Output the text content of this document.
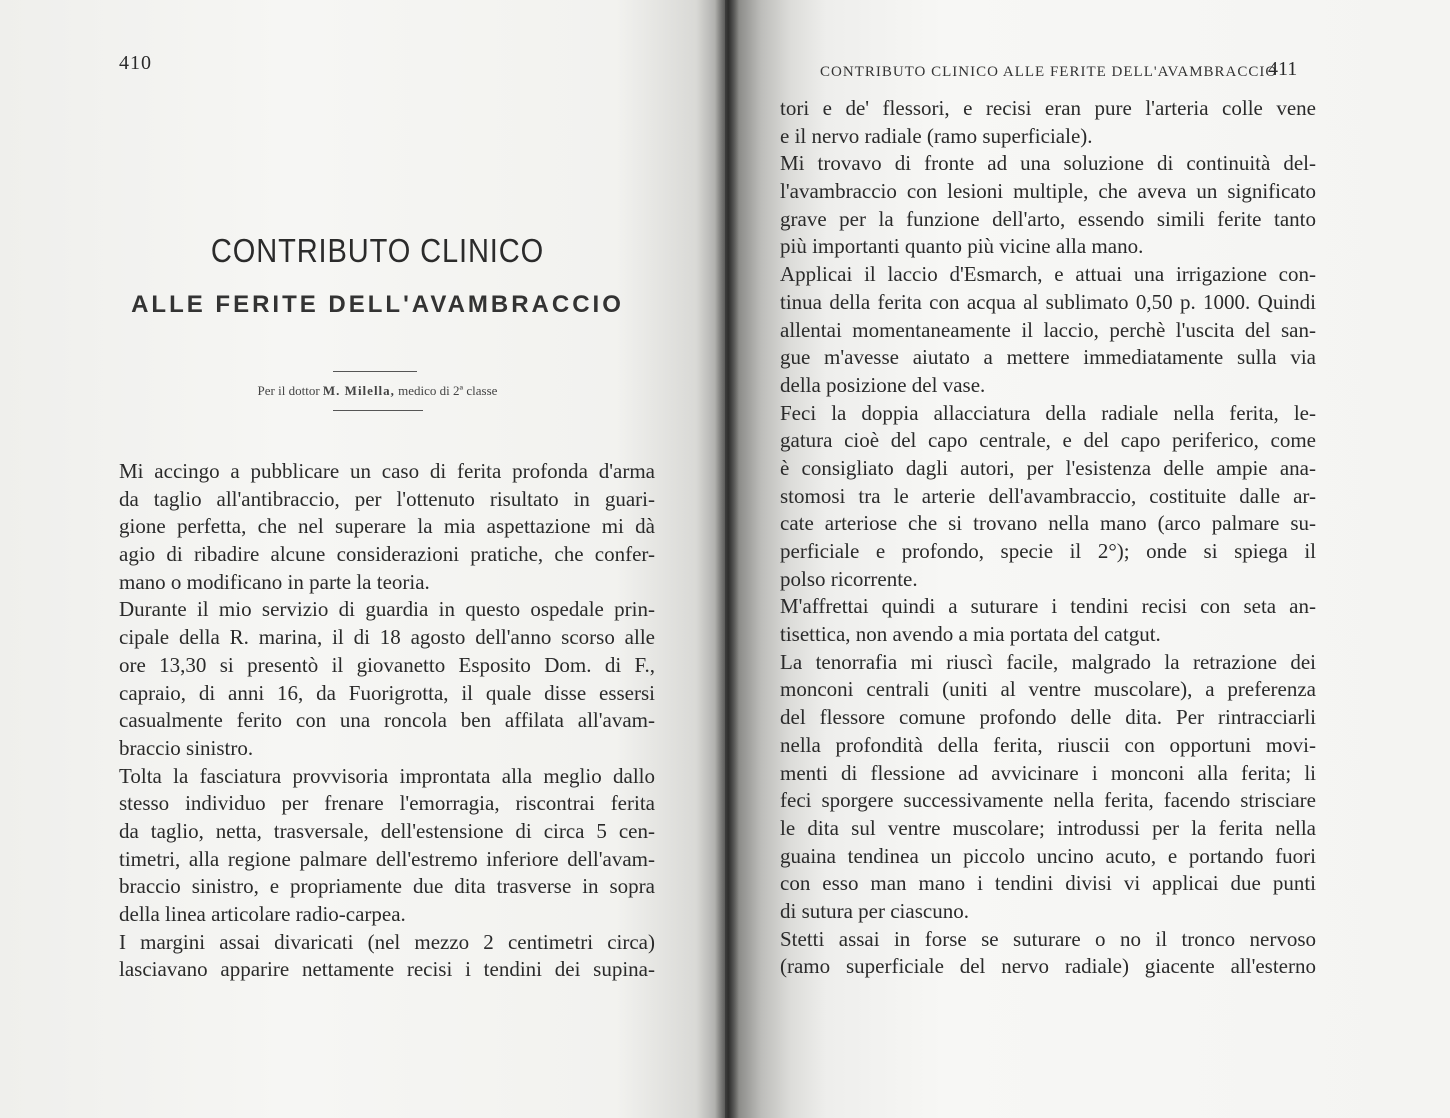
410
CONTRIBUTO CLINICO
ALLE FERITE DELL'AVAMBRACCIO
Per il dottor M. Milella, medico di 2ª classe
Mi accingo a pubblicare un caso di ferita profonda d'arma
da taglio all'antibraccio, per l'ottenuto risultato in guari-
gione perfetta, che nel superare la mia aspettazione mi dà
agio di ribadire alcune considerazioni pratiche, che confer-
mano o modificano in parte la teoria.
Durante il mio servizio di guardia in questo ospedale prin-
cipale della R. marina, il di 18 agosto dell'anno scorso alle
ore 13,30 si presentò il giovanetto Esposito Dom. di F.,
capraio, di anni 16, da Fuorigrotta, il quale disse essersi
casualmente ferito con una roncola ben affilata all'avam-
braccio sinistro.
Tolta la fasciatura provvisoria improntata alla meglio dallo
stesso individuo per frenare l'emorragia, riscontrai ferita
da taglio, netta, trasversale, dell'estensione di circa 5 cen-
timetri, alla regione palmare dell'estremo inferiore dell'avam-
braccio sinistro, e propriamente due dita trasverse in sopra
della linea articolare radio-carpea.
I margini assai divaricati (nel mezzo 2 centimetri circa)
lasciavano apparire nettamente recisi i tendini dei supina-
CONTRIBUTO CLINICO ALLE FERITE DELL'AVAMBRACCIO
411
tori e de' flessori, e recisi eran pure l'arteria colle vene
e il nervo radiale (ramo superficiale).
Mi trovavo di fronte ad una soluzione di continuità del-
l'avambraccio con lesioni multiple, che aveva un significato
grave per la funzione dell'arto, essendo simili ferite tanto
più importanti quanto più vicine alla mano.
Applicai il laccio d'Esmarch, e attuai una irrigazione con-
tinua della ferita con acqua al sublimato 0,50 p. 1000. Quindi
allentai momentaneamente il laccio, perchè l'uscita del san-
gue m'avesse aiutato a mettere immediatamente sulla via
della posizione del vase.
Feci la doppia allacciatura della radiale nella ferita, le-
gatura cioè del capo centrale, e del capo periferico, come
è consigliato dagli autori, per l'esistenza delle ampie ana-
stomosi tra le arterie dell'avambraccio, costituite dalle ar-
cate arteriose che si trovano nella mano (arco palmare su-
perficiale e profondo, specie il 2°); onde si spiega il
polso ricorrente.
M'affrettai quindi a suturare i tendini recisi con seta an-
tisettica, non avendo a mia portata del catgut.
La tenorrafia mi riuscì facile, malgrado la retrazione dei
monconi centrali (uniti al ventre muscolare), a preferenza
del flessore comune profondo delle dita. Per rintracciarli
nella profondità della ferita, riuscii con opportuni movi-
menti di flessione ad avvicinare i monconi alla ferita; li
feci sporgere successivamente nella ferita, facendo strisciare
le dita sul ventre muscolare; introdussi per la ferita nella
guaina tendinea un piccolo uncino acuto, e portando fuori
con esso man mano i tendini divisi vi applicai due punti
di sutura per ciascuno.
Stetti assai in forse se suturare o no il tronco nervoso
(ramo superficiale del nervo radiale) giacente all'esterno
